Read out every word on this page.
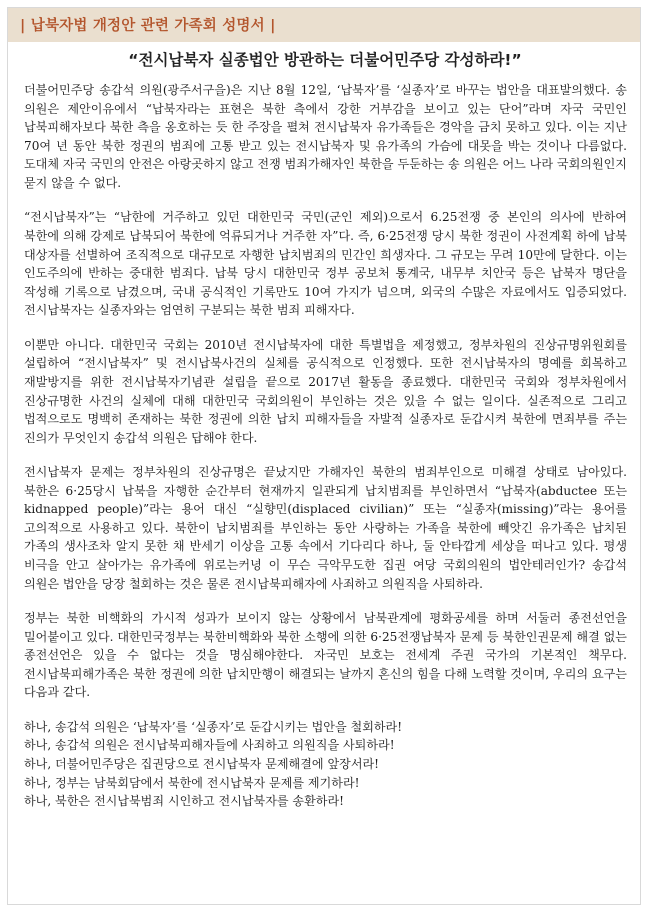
| 납북자법 개정안 관련 가족회 성명서 |
“전시납북자 실종법안 방관하는 더불어민주당 각성하라!”

더불어민주당 송갑석 의원(광주서구을)은 지난 8월 12일, ‘납북자’를 ‘실종자’로 바꾸는 법안을 대표발의했다. 송 의원은 제안이유에서 “납북자라는 표현은 북한 측에서 강한 거부감을 보이고 있는 단어”라며 자국 국민인 납북피해자보다 북한 측을 옹호하는 듯 한 주장을 펼쳐 전시납북자 유가족들은 경악을 금치 못하고 있다. 이는 지난 70여 년 동안 북한 정권의 범죄에 고통 받고 있는 전시납북자 및 유가족의 가슴에 대못을 박는 것이나 다름없다. 도대체 자국 국민의 안전은 아랑곳하지 않고 전쟁 범죄가해자인 북한을 두둔하는 송 의원은 어느 나라 국회의원인지 묻지 않을 수 없다.

“전시납북자”는 “남한에 거주하고 있던 대한민국 국민(군인 제외)으로서 6.25전쟁 중 본인의 의사에 반하여 북한에 의해 강제로 납북되어 북한에 억류되거나 거주한 자”다. 즉, 6·25전쟁 당시 북한 정권이 사전계획 하에 납북 대상자를 선별하여 조직적으로 대규모로 자행한 납치범죄의 민간인 희생자다. 그 규모는 무려 10만에 달한다. 이는 인도주의에 반하는 중대한 범죄다. 납북 당시 대한민국 정부 공보처 통계국, 내무부 치안국 등은 납북자 명단을 작성해 기록으로 남겼으며, 국내 공식적인 기록만도 10여 가지가 넘으며, 외국의 수많은 자료에서도 입증되었다. 전시납북자는 실종자와는 엄연히 구분되는 북한 범죄 피해자다.

이뿐만 아니다. 대한민국 국회는 2010년 전시납북자에 대한 특별법을 제정했고, 정부차원의 진상규명위원회를 설립하여 “전시납북자” 및 전시납북사건의 실체를 공식적으로 인정했다. 또한 전시납북자의 명예를 회복하고 재발방지를 위한 전시납북자기념관 설립을 끝으로 2017년 활동을 종료했다. 대한민국 국회와 정부차원에서 진상규명한 사건의 실체에 대해 대한민국 국회의원이 부인하는 것은 있을 수 없는 일이다. 실존적으로 그리고 법적으로도 명백히 존재하는 북한 정권에 의한 납치 피해자들을 자발적 실종자로 둔갑시켜 북한에 면죄부를 주는 진의가 무엇인지 송갑석 의원은 답해야 한다.

전시납북자 문제는 정부차원의 진상규명은 끝났지만 가해자인 북한의 범죄부인으로 미해결 상태로 남아있다. 북한은 6·25당시 납북을 자행한 순간부터 현재까지 일관되게 납치범죄를 부인하면서 “납북자(abductee 또는 kidnapped people)”라는 용어 대신 “실향민(displaced civilian)” 또는 “실종자(missing)”라는 용어를 고의적으로 사용하고 있다. 북한이 납치범죄를 부인하는 동안 사랑하는 가족을 북한에 빼앗긴 유가족은 납치된 가족의 생사조차 알지 못한 채 반세기 이상을 고통 속에서 기다리다 하나, 둘 안타깝게 세상을 떠나고 있다. 평생 비극을 안고 살아가는 유가족에 위로는커녕 이 무슨 극악무도한 집권 여당 국회의원의 법안테러인가? 송갑석 의원은 법안을 당장 철회하는 것은 물론 전시납북피해자에 사죄하고 의원직을 사퇴하라.

정부는 북한 비핵화의 가시적 성과가 보이지 않는 상황에서 남북관계에 평화공세를 하며 서둘러 종전선언을 밀어붙이고 있다. 대한민국정부는 북한비핵화와 북한 소행에 의한 6·25전쟁납북자 문제 등 북한인권문제 해결 없는 종전선언은 있을 수 없다는 것을 명심해야한다. 자국민 보호는 전세계 주권 국가의 기본적인 책무다. 전시납북피해가족은 북한 정권에 의한 납치만행이 해결되는 날까지 혼신의 힘을 다해 노력할 것이며, 우리의 요구는 다음과 같다.

하나, 송갑석 의원은 ‘납북자’를 ‘실종자’로 둔갑시키는 법안을 철회하라!

하나, 송갑석 의원은 전시납북피해자들에 사죄하고 의원직을 사퇴하라!

하나, 더불어민주당은 집권당으로 전시납북자 문제해결에 앞장서라!

하나, 정부는 남북회담에서 북한에 전시납북자 문제를 제기하라!

하나, 북한은 전시납북범죄 시인하고 전시납북자를 송환하라!
